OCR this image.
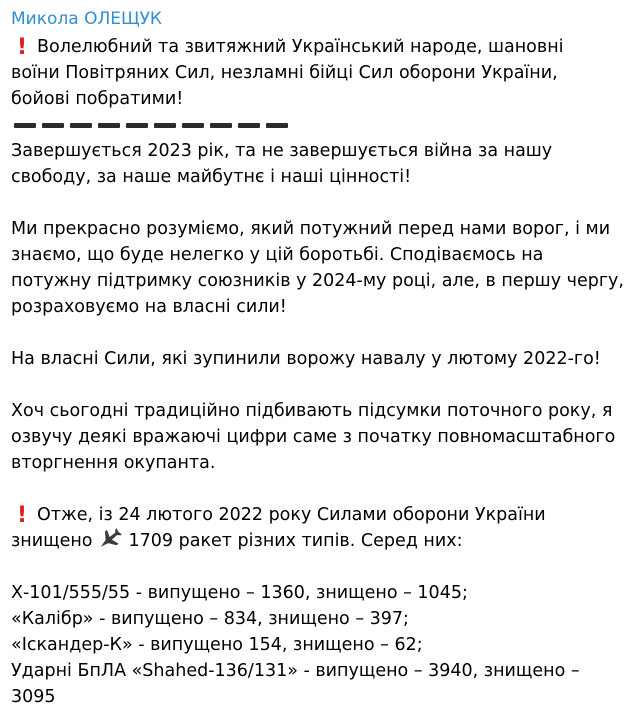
Микола ОЛЕЩУК
! Волелюбний та звитяжний Український народе, шановні
воїни Повітряних Сил, незламні бійці Сил оборони України,
бойові побратими!
Завершується 2023 рік, та не завершується війна за нашу
свободу, за наше майбутнє і наші цінності!
Ми прекрасно розуміємо, який потужний перед нами ворог, і ми
знаємо, що буде нелегко у цій боротьбі. Сподіваємось на
потужну підтримку союзників у 2024-му році, але, в першу чергу,
розраховуємо на власні сили!
На власні Сили, які зупинили ворожу навалу у лютому 2022-го!
Хоч сьогодні традиційно підбивають підсумки поточного року, я
озвучу деякі вражаючі цифри саме з початку повномасштабного
вторгнення окупанта.
! Отже, із 24 лютого 2022 року Силами оборони України
знищено 1709 ракет різних типів. Серед них:
Х-101/555/55 - випущено – 1360, знищено – 1045;
«Калібр» - випущено – 834, знищено – 397;
«Іскандер-К» - випущено 154, знищено – 62;
Ударні БпЛА «Shahed-136/131» - випущено – 3940, знищено –
3095
